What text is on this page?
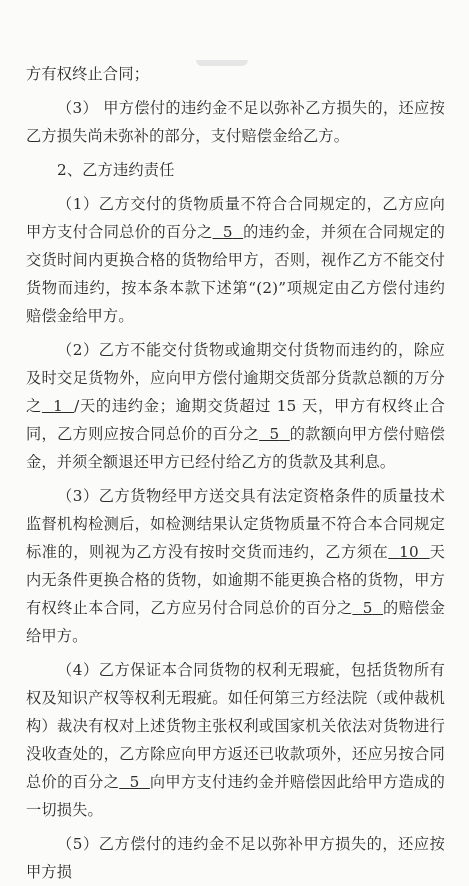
方有权终止合同；

（3） 甲方偿付的违约金不足以弥补乙方损失的，还应按乙方损失尚未弥补的部分，支付赔偿金给乙方。

2、乙方违约责任

（1）乙方交付的货物质量不符合合同规定的，乙方应向甲方支付合同总价的百分之 5 的违约金，并须在合同规定的交货时间内更换合格的货物给甲方，否则，视作乙方不能交付货物而违约，按本条本款下述第“(2)”项规定由乙方偿付违约赔偿金给甲方。

（2）乙方不能交付货物或逾期交付货物而违约的，除应及时交足货物外，应向甲方偿付逾期交货部分货款总额的万分之 1 /天的违约金；逾期交货超过 15 天，甲方有权终止合同，乙方则应按合同总价的百分之 5 的款额向甲方偿付赔偿金，并须全额退还甲方已经付给乙方的货款及其利息。

（3）乙方货物经甲方送交具有法定资格条件的质量技术监督机构检测后，如检测结果认定货物质量不符合本合同规定标准的，则视为乙方没有按时交货而违约，乙方须在 10 天内无条件更换合格的货物，如逾期不能更换合格的货物，甲方有权终止本合同，乙方应另付合同总价的百分之 5 的赔偿金给甲方。

（4）乙方保证本合同货物的权利无瑕疵，包括货物所有权及知识产权等权利无瑕疵。如任何第三方经法院（或仲裁机构）裁决有权对上述货物主张权利或国家机关依法对货物进行没收查处的，乙方除应向甲方返还已收款项外，还应另按合同总价的百分之 5 向甲方支付违约金并赔偿因此给甲方造成的一切损失。

（5）乙方偿付的违约金不足以弥补甲方损失的，还应按甲方损
